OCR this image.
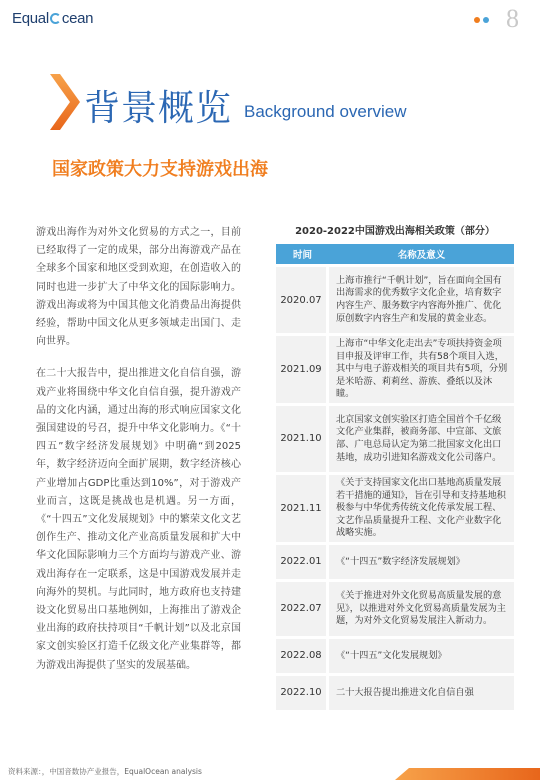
Equal cean	8
背景概览 Background overview
国家政策大力支持游戏出海

游戏出海作为对外文化贸易的方式之一，目前已经取得了一定的成果，部分出海游戏产品在全球多个国家和地区受到欢迎，在创造收入的同时也进一步扩大了中华文化的国际影响力。游戏出海或将为中国其他文化消费品出海提供经验，帮助中国文化从更多领域走出国门、走向世界。

在二十大报告中，提出推进文化自信自强，游戏产业将围绕中华文化自信自强，提升游戏产品的文化内涵，通过出海的形式响应国家文化强国建设的号召，提升中华文化影响力。《“十四五”数字经济发展规划》中明确“到2025年，数字经济迈向全面扩展期，数字经济核心产业增加占GDP比重达到10%”，对于游戏产业而言，这既是挑战也是机遇。另一方面，《“十四五”文化发展规划》中的繁荣文化文艺创作生产、推动文化产业高质量发展和扩大中华文化国际影响力三个方面均与游戏产业、游戏出海存在一定联系，这是中国游戏发展并走向海外的契机。与此同时，地方政府也支持建设文化贸易出口基地例如，上海推出了游戏企业出海的政府扶持项目“千帆计划”以及北京国家文创实验区打造千亿级文化产业集群等，都为游戏出海提供了坚实的发展基础。

2020-2022中国游戏出海相关政策（部分）
时间	名称及意义
2020.07	上海市推行“千帆计划”，旨在面向全国有出海需求的优秀数字文化企业，培育数字内容生产、服务数字内容海外推广、优化原创数字内容生产和发展的黄金业态。
2021.09	上海市“中华文化走出去”专项扶持资金项目申报及评审工作，共有58个项目入选，其中与电子游戏相关的项目共有5项，分别是米哈游、莉莉丝、游族、叠纸以及沐瞳。
2021.10	北京国家文创实验区打造全国首个千亿级文化产业集群，被商务部、中宣部、文旅部、广电总局认定为第二批国家文化出口基地，成功引进知名游戏文化公司落户。
2021.11	《关于支持国家文化出口基地高质量发展若干措施的通知》，旨在引导和支持基地积极参与中华优秀传统文化传承发展工程、文艺作品质量提升工程、文化产业数字化战略实施。
2022.01	《“十四五”数字经济发展规划》
2022.07	《关于推进对外文化贸易高质量发展的意见》，以推进对外文化贸易高质量发展为主题，为对外文化贸易发展注入新动力。
2022.08	《“十四五”文化发展规划》
2022.10	二十大报告提出推进文化自信自强
资料来源：，中国音数协产业报告，EqualOcean analysis
